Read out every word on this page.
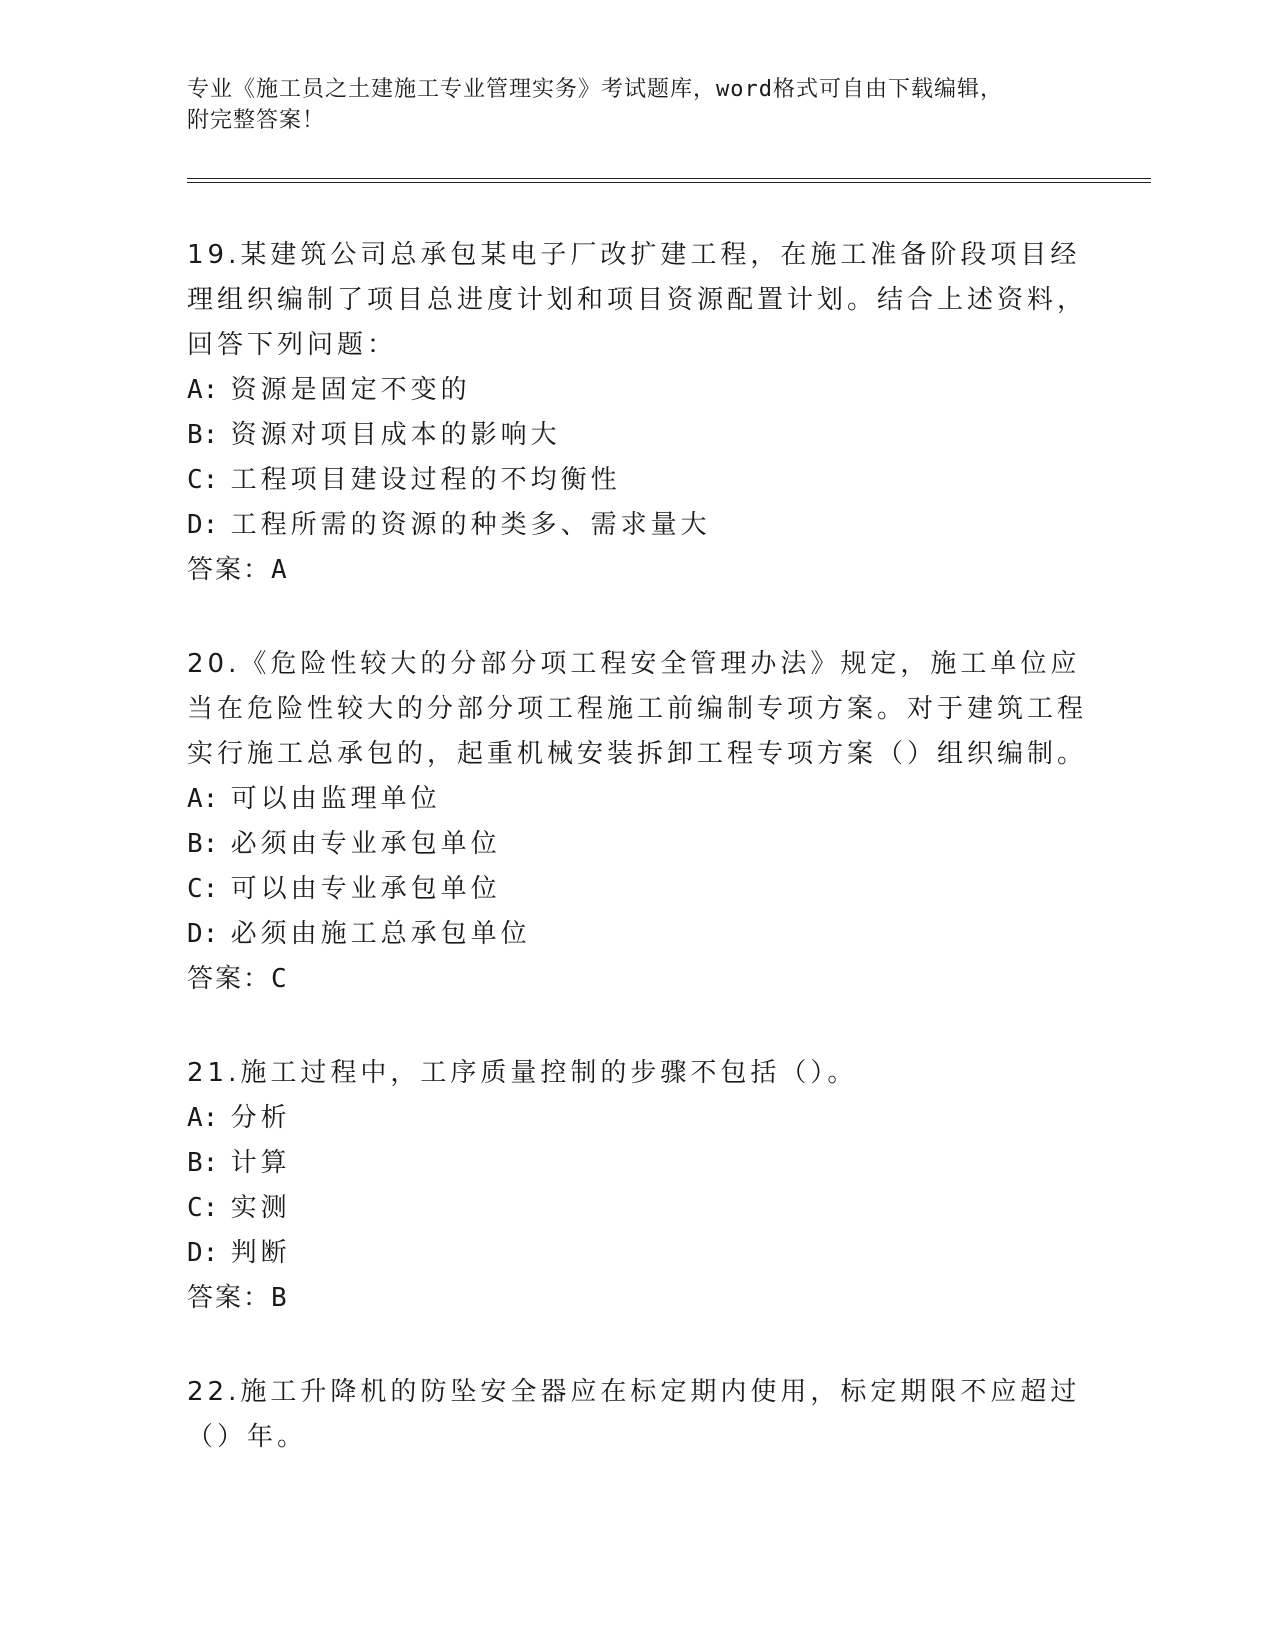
专业《施工员之土建施工专业管理实务》考试题库，word格式可自由下载编辑，
附完整答案！

19.某建筑公司总承包某电子厂改扩建工程，在施工准备阶段项目经理组织编制了项目总进度计划和项目资源配置计划。结合上述资料，回答下列问题：

A: 资源是固定不变的

B: 资源对项目成本的影响大

C: 工程项目建设过程的不均衡性

D: 工程所需的资源的种类多、需求量大

答案：A

20.《危险性较大的分部分项工程安全管理办法》规定，施工单位应当在危险性较大的分部分项工程施工前编制专项方案。对于建筑工程实行施工总承包的，起重机械安装拆卸工程专项方案（）组织编制。

A: 可以由监理单位

B: 必须由专业承包单位

C: 可以由专业承包单位

D: 必须由施工总承包单位

答案：C

21.施工过程中，工序质量控制的步骤不包括（）。

A: 分析

B: 计算

C: 实测

D: 判断

答案：B

22.施工升降机的防坠安全器应在标定期内使用，标定期限不应超过（）年。
